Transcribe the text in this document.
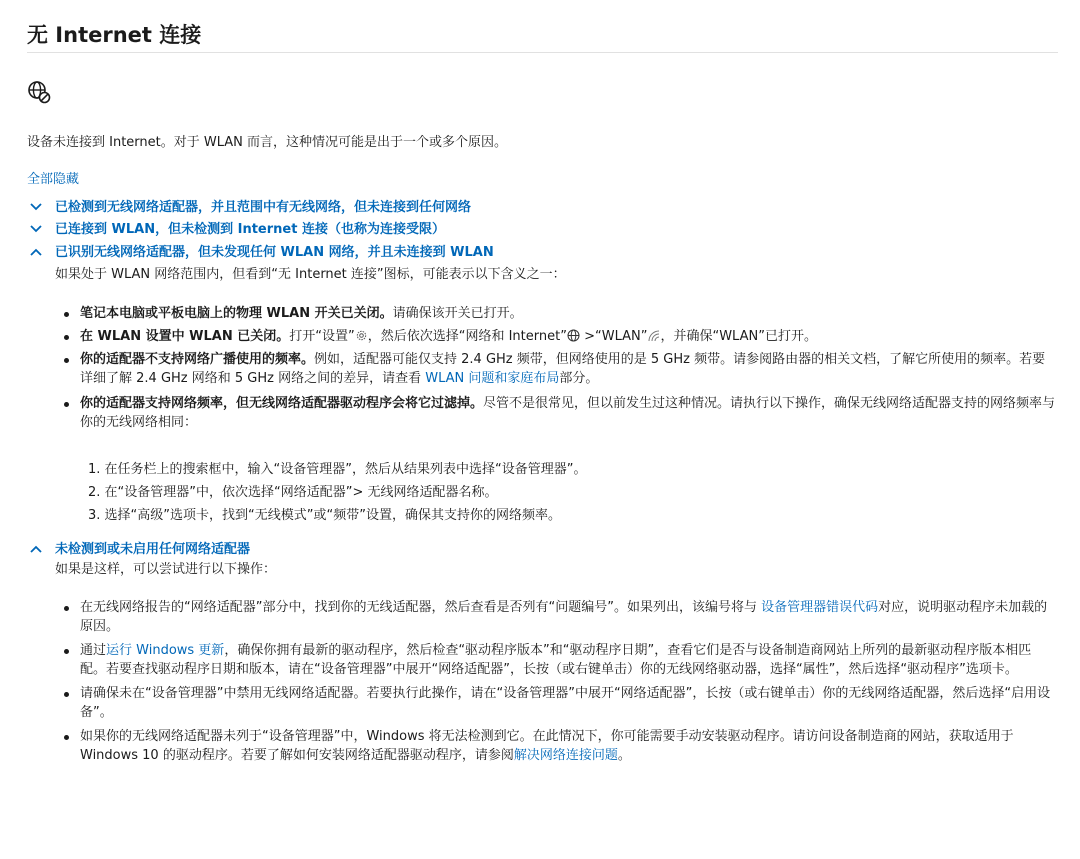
无 Internet 连接

设备未连接到 Internet。对于 WLAN 而言，这种情况可能是出于一个或多个原因。

全部隐藏
已检测到无线网络适配器，并且范围中有无线网络，但未连接到任何网络
已连接到 WLAN，但未检测到 Internet 连接（也称为连接受限）
已识别无线网络适配器，但未发现任何 WLAN 网络，并且未连接到 WLAN

如果处于 WLAN 网络范围内，但看到“无 Internet 连接”图标，可能表示以下含义之一：

笔记本电脑或平板电脑上的物理 WLAN 开关已关闭。请确保该开关已打开。
在 WLAN 设置中 WLAN 已关闭。打开“设置” ，然后依次选择“网络和 Internet” >“WLAN” ，并确保“WLAN”已打开。
你的适配器不支持网络广播使用的频率。例如，适配器可能仅支持 2.4 GHz 频带，但网络使用的是 5 GHz 频带。请参阅路由器的相关文档，了解它所使用的频率。若要详细了解 2.4 GHz 网络和 5 GHz 网络之间的差异，请查看 WLAN 问题和家庭布局部分。
你的适配器支持网络频率，但无线网络适配器驱动程序会将它过滤掉。尽管不是很常见，但以前发生过这种情况。请执行以下操作，确保无线网络适配器支持的网络频率与你的无线网络相同：
1. 在任务栏上的搜索框中，输入“设备管理器”，然后从结果列表中选择“设备管理器”。
2. 在“设备管理器”中，依次选择“网络适配器”> 无线网络适配器名称。
3. 选择“高级”选项卡，找到“无线模式”或“频带”设置，确保其支持你的网络频率。
未检测到或未启用任何网络适配器

如果是这样，可以尝试进行以下操作：

在无线网络报告的“网络适配器”部分中，找到你的无线适配器，然后查看是否列有“问题编号”。如果列出，该编号将与 设备管理器错误代码对应，说明驱动程序未加载的原因。
通过运行 Windows 更新，确保你拥有最新的驱动程序，然后检查“驱动程序版本”和“驱动程序日期”，查看它们是否与设备制造商网站上所列的最新驱动程序版本相匹配。若要查找驱动程序日期和版本，请在“设备管理器”中展开“网络适配器”，长按（或右键单击）你的无线网络驱动器，选择“属性”，然后选择“驱动程序”选项卡。
请确保未在“设备管理器”中禁用无线网络适配器。若要执行此操作，请在“设备管理器”中展开“网络适配器”，长按（或右键单击）你的无线网络适配器，然后选择“启用设备”。
如果你的无线网络适配器未列于“设备管理器”中，Windows 将无法检测到它。在此情况下，你可能需要手动安装驱动程序。请访问设备制造商的网站，获取适用于 Windows 10 的驱动程序。若要了解如何安装网络适配器驱动程序，请参阅解决网络连接问题。
